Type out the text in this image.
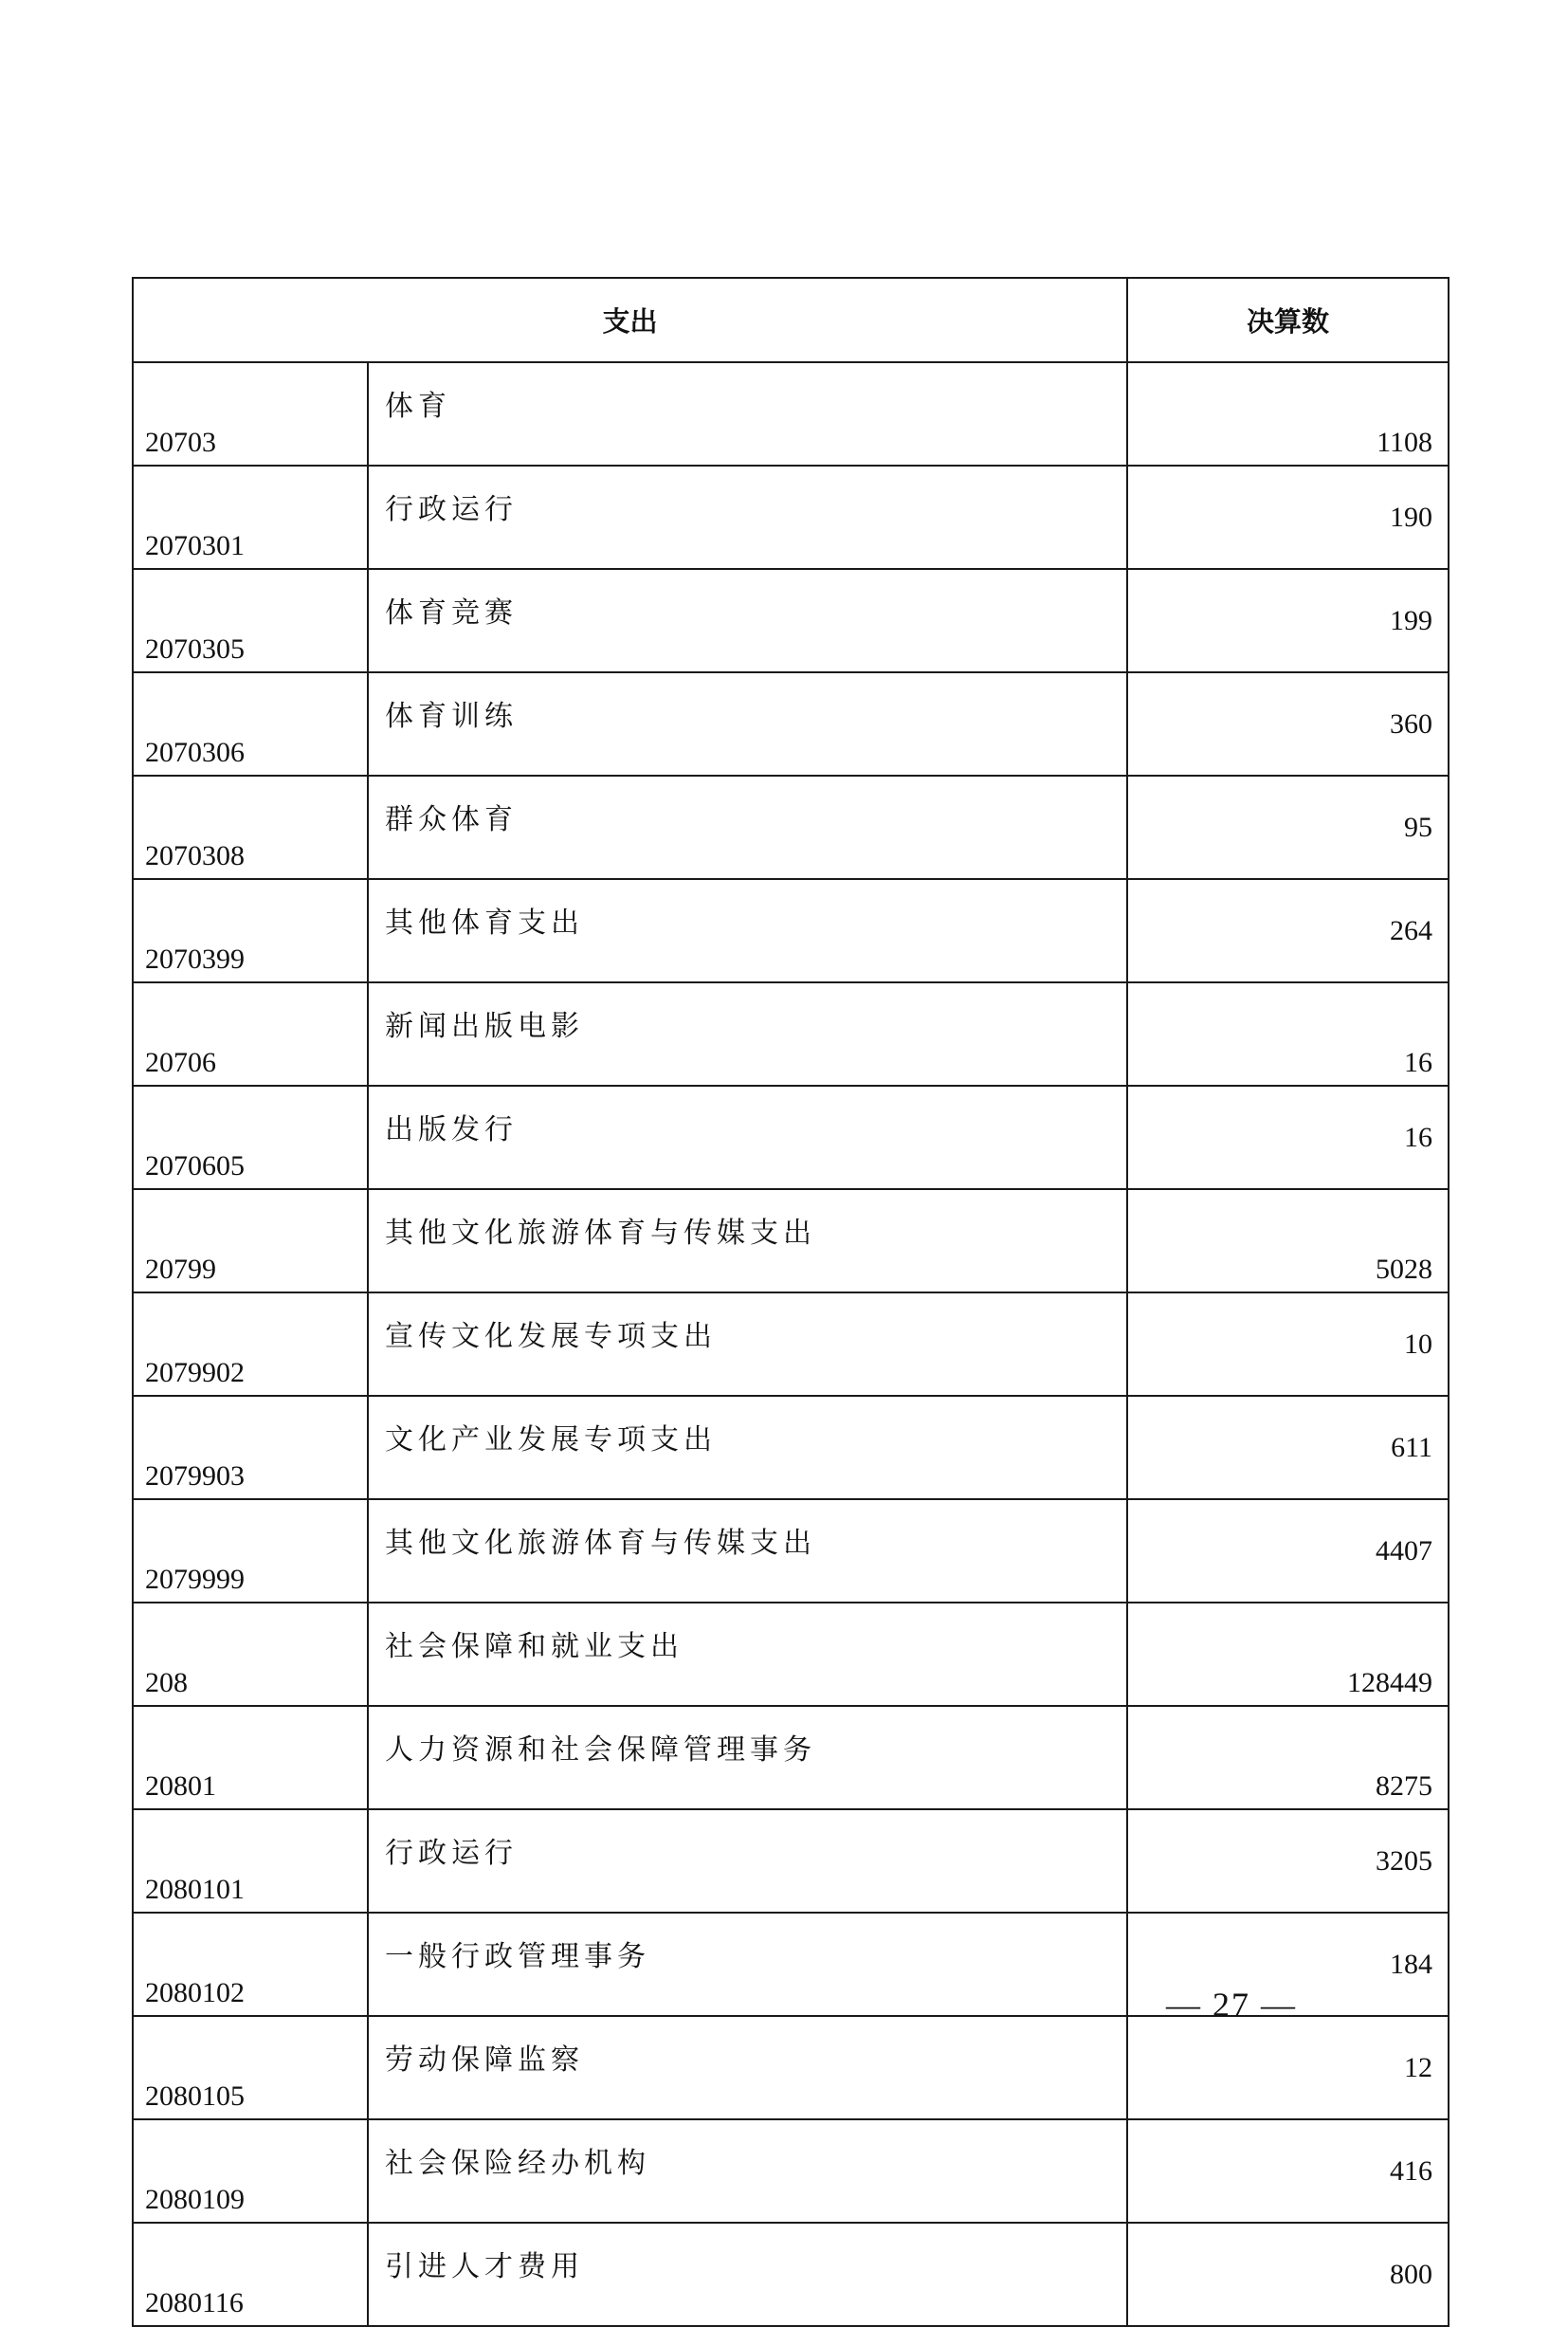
支出		决算数
20703	体育	1108
2070301	行政运行	190
2070305	体育竞赛	199
2070306	体育训练	360
2070308	群众体育	95
2070399	其他体育支出	264
20706	新闻出版电影	16
2070605	出版发行	16
20799	其他文化旅游体育与传媒支出	5028
2079902	宣传文化发展专项支出	10
2079903	文化产业发展专项支出	611
2079999	其他文化旅游体育与传媒支出	4407
208	社会保障和就业支出	128449
20801	人力资源和社会保障管理事务	8275
2080101	行政运行	3205
2080102	一般行政管理事务	184
2080105	劳动保障监察	12
2080109	社会保险经办机构	416
2080116	引进人才费用	800
— 27 —
